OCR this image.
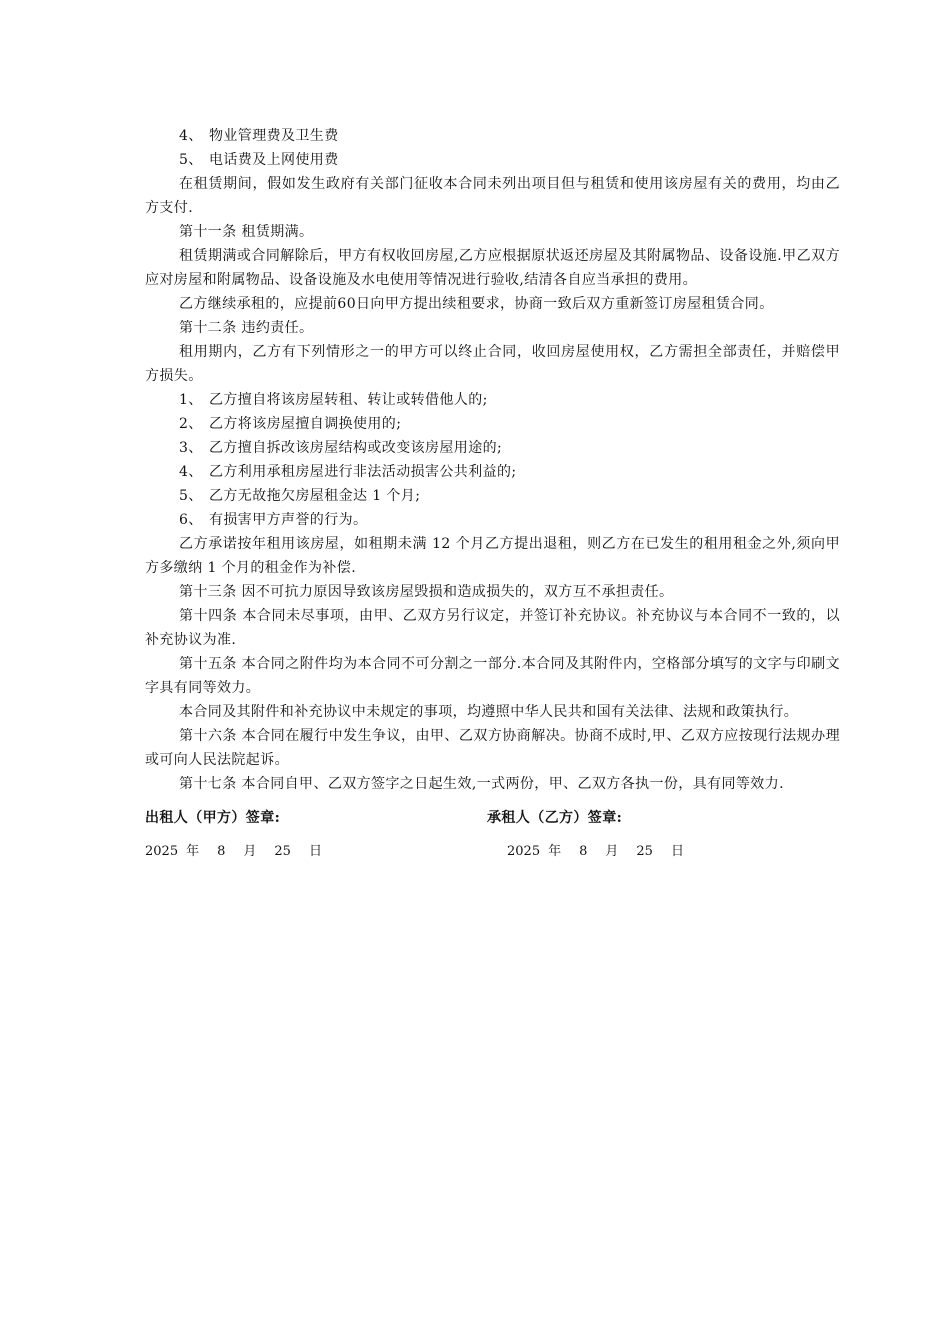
4、 物业管理费及卫生费

5、 电话费及上网使用费

在租赁期间，假如发生政府有关部门征收本合同未列出项目但与租赁和使用该房屋有关的费用，均由乙方支付.

第十一条 租赁期满。

租赁期满或合同解除后，甲方有权收回房屋,乙方应根据原状返还房屋及其附属物品、设备设施.甲乙双方应对房屋和附属物品、设备设施及水电使用等情况进行验收,结清各自应当承担的费用。

乙方继续承租的，应提前60日向甲方提出续租要求，协商一致后双方重新签订房屋租赁合同。

第十二条 违约责任。

租用期内，乙方有下列情形之一的甲方可以终止合同，收回房屋使用权，乙方需担全部责任，并赔偿甲方损失。

1、 乙方擅自将该房屋转租、转让或转借他人的;

2、 乙方将该房屋擅自调换使用的;

3、 乙方擅自拆改该房屋结构或改变该房屋用途的;

4、 乙方利用承租房屋进行非法活动损害公共利益的;

5、 乙方无故拖欠房屋租金达 1 个月;

6、 有损害甲方声誉的行为。

乙方承诺按年租用该房屋，如租期未满 12 个月乙方提出退租，则乙方在已发生的租用租金之外,须向甲方多缴纳 1 个月的租金作为补偿.

第十三条 因不可抗力原因导致该房屋毁损和造成损失的，双方互不承担责任。

第十四条 本合同未尽事项，由甲、乙双方另行议定，并签订补充协议。补充协议与本合同不一致的，以补充协议为准.

第十五条 本合同之附件均为本合同不可分割之一部分.本合同及其附件内，空格部分填写的文字与印刷文字具有同等效力。

本合同及其附件和补充协议中未规定的事项，均遵照中华人民共和国有关法律、法规和政策执行。

第十六条 本合同在履行中发生争议，由甲、乙双方协商解决。协商不成时,甲、乙双方应按现行法规办理或可向人民法院起诉。

第十七条 本合同自甲、乙双方签字之日起生效,一式两份，甲、乙双方各执一份，具有同等效力.

出租人（甲方）签章:	承租人（乙方）签章:
2025 年 8 月 25 日	2025 年 8 月 25 日
